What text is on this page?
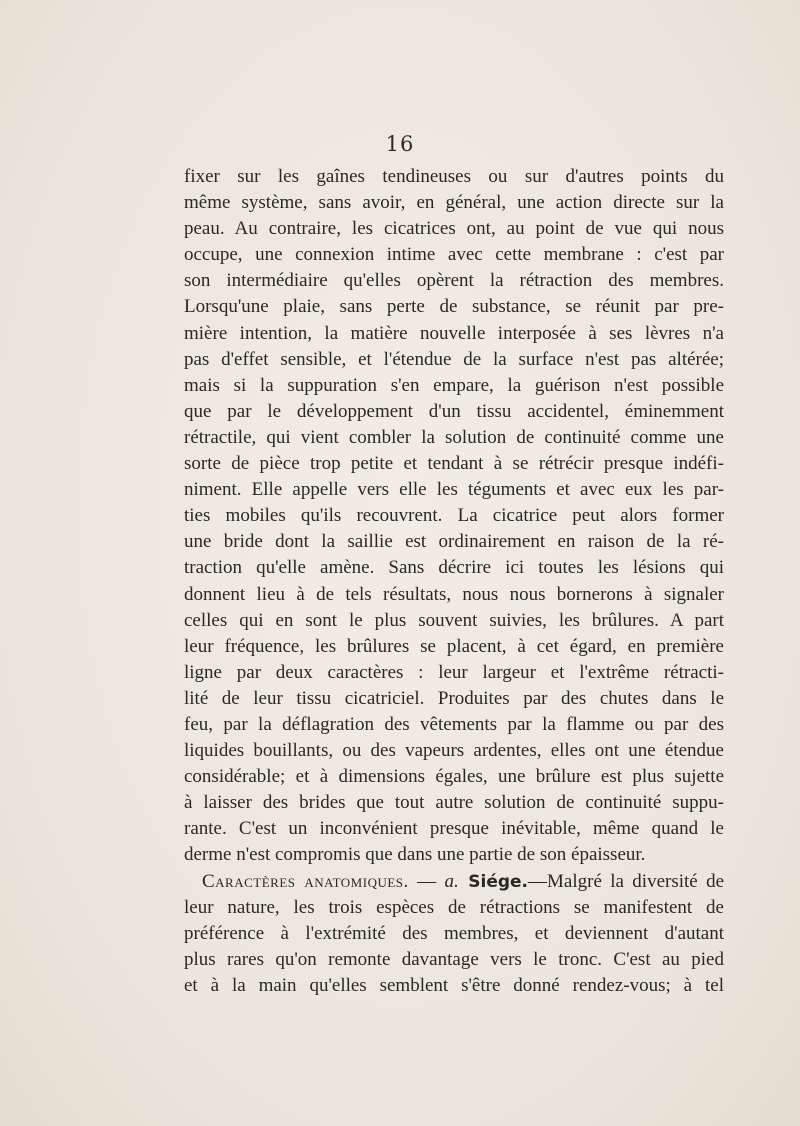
16
fixer sur les gaînes tendineuses ou sur d'autres points du
même système, sans avoir, en général, une action directe sur la
peau. Au contraire, les cicatrices ont, au point de vue qui nous
occupe, une connexion intime avec cette membrane : c'est par
son intermédiaire qu'elles opèrent la rétraction des membres.
Lorsqu'une plaie, sans perte de substance, se réunit par pre-
mière intention, la matière nouvelle interposée à ses lèvres n'a
pas d'effet sensible, et l'étendue de la surface n'est pas altérée;
mais si la suppuration s'en empare, la guérison n'est possible
que par le développement d'un tissu accidentel, éminemment
rétractile, qui vient combler la solution de continuité comme une
sorte de pièce trop petite et tendant à se rétrécir presque indéfi-
niment. Elle appelle vers elle les téguments et avec eux les par-
ties mobiles qu'ils recouvrent. La cicatrice peut alors former
une bride dont la saillie est ordinairement en raison de la ré-
traction qu'elle amène. Sans décrire ici toutes les lésions qui
donnent lieu à de tels résultats, nous nous bornerons à signaler
celles qui en sont le plus souvent suivies, les brûlures. A part
leur fréquence, les brûlures se placent, à cet égard, en première
ligne par deux caractères : leur largeur et l'extrême rétracti-
lité de leur tissu cicatriciel. Produites par des chutes dans le
feu, par la déflagration des vêtements par la flamme ou par des
liquides bouillants, ou des vapeurs ardentes, elles ont une étendue
considérable; et à dimensions égales, une brûlure est plus sujette
à laisser des brides que tout autre solution de continuité suppu-
rante. C'est un inconvénient presque inévitable, même quand le
derme n'est compromis que dans une partie de son épaisseur.
Caractères anatomiques. — a. Siége.—Malgré la diversité de
leur nature, les trois espèces de rétractions se manifestent de
préférence à l'extrémité des membres, et deviennent d'autant
plus rares qu'on remonte davantage vers le tronc. C'est au pied
et à la main qu'elles semblent s'être donné rendez-vous; à tel
